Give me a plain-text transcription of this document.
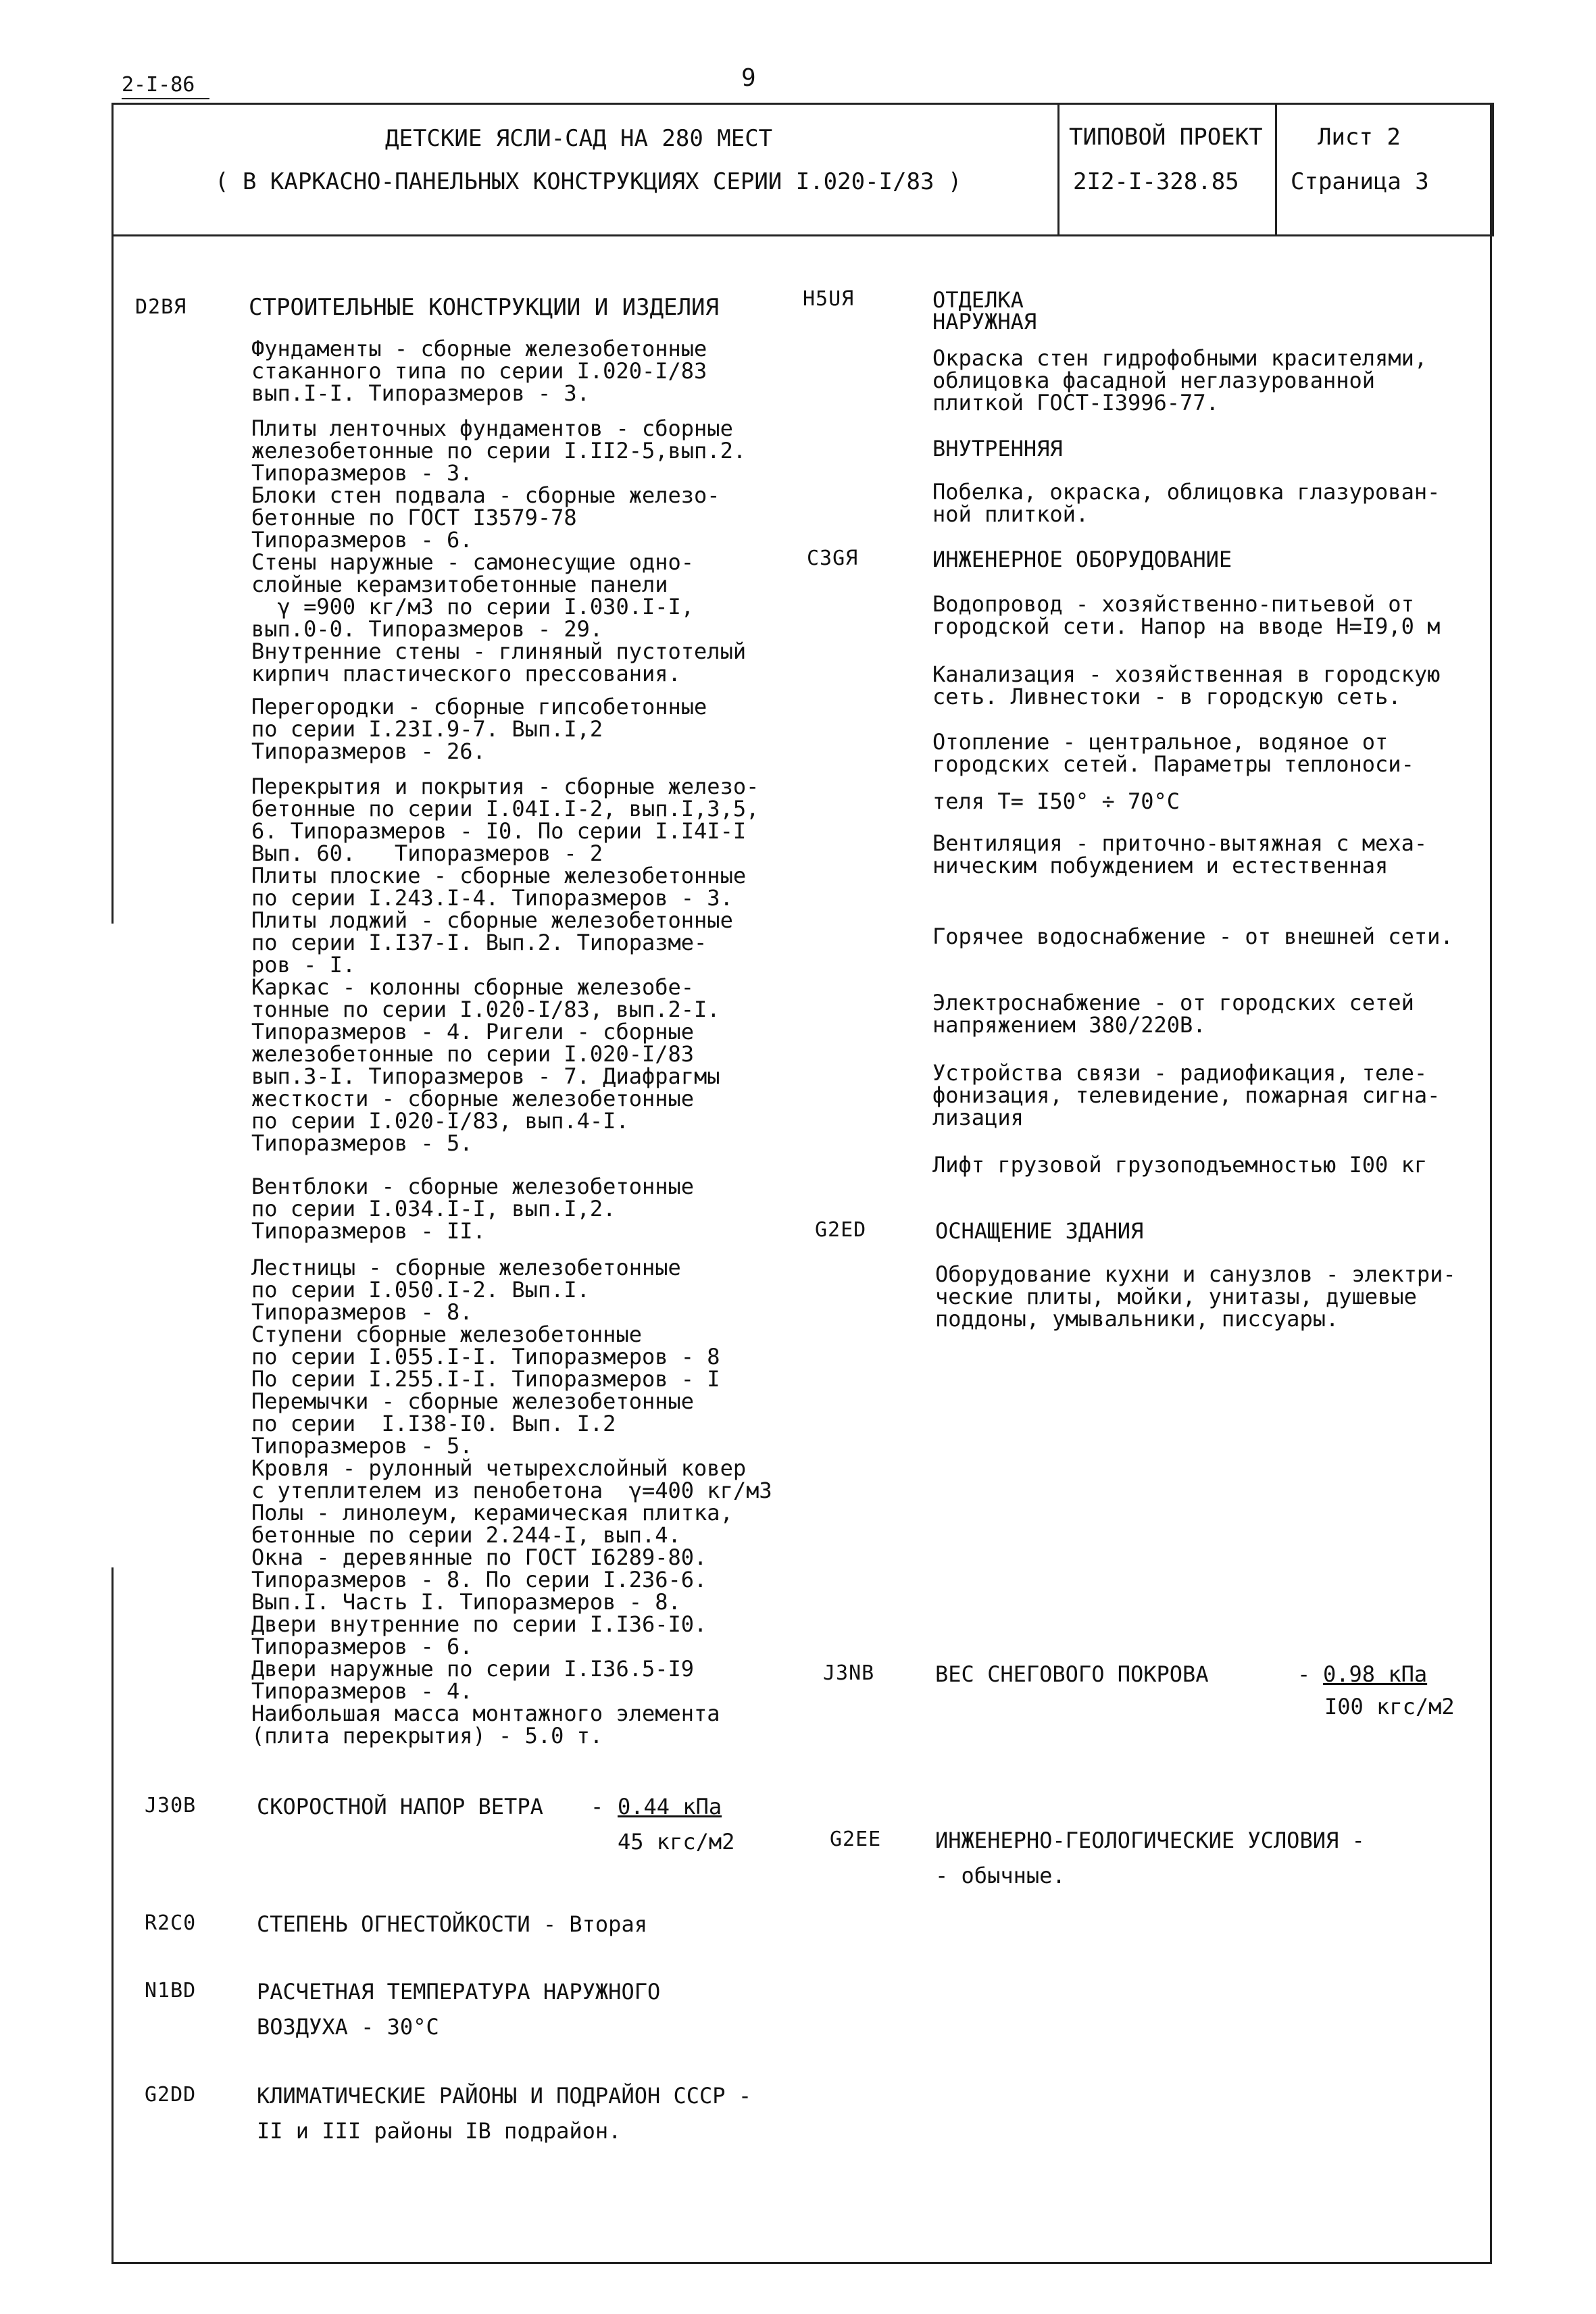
2-I-86	9
ДЕТСКИЕ ЯСЛИ-САД НА 280 МЕСТ
( В КАРКАСНО-ПАНЕЛЬНЫХ КОНСТРУКЦИЯХ СЕРИИ I.020-I/83 )
ТИПОВОЙ ПРОЕКТ
2I2-I-328.85
Лист 2
Страница 3
D2BЯ	СТРОИТЕЛЬНЫЕ КОНСТРУКЦИИ И ИЗДЕЛИЯ
Фундаменты - сборные железобетонные
стаканного типа по серии I.020-I/83
вып.I-I. Типоразмеров - 3.
Плиты ленточных фундаментов - сборные
железобетонные по серии I.II2-5,вып.2.
Типоразмеров - 3.
Блоки стен подвала - сборные железо-
бетонные по ГОСТ I3579-78
Типоразмеров - 6.
Стены наружные - самонесущие одно-
слойные керамзитобетонные панели
γ =900 кг/м3 по серии I.030.I-I,
вып.0-0. Типоразмеров - 29.
Внутренние стены - глиняный пустотелый
кирпич пластического прессования.
Перегородки - сборные гипсобетонные
по серии I.23I.9-7. Вып.I,2
Типоразмеров - 26.
Перекрытия и покрытия - сборные железо-
бетонные по серии I.04I.I-2, вып.I,3,5,
6. Типоразмеров - I0. По серии I.I4I-I
Вып. 60.   Типоразмеров - 2
Плиты плоские - сборные железобетонные
по серии I.243.I-4. Типоразмеров - 3.
Плиты лоджий - сборные железобетонные
по серии I.I37-I. Вып.2. Типоразме-
ров - I.
Каркас - колонны сборные железобе-
тонные по серии I.020-I/83, вып.2-I.
Типоразмеров - 4. Ригели - сборные
железобетонные по серии I.020-I/83
вып.3-I. Типоразмеров - 7. Диафрагмы
жесткости - сборные железобетонные
по серии I.020-I/83, вып.4-I.
Типоразмеров - 5.
Вентблоки - сборные железобетонные
по серии I.034.I-I, вып.I,2.
Типоразмеров - II.
Лестницы - сборные железобетонные
по серии I.050.I-2. Вып.I.
Типоразмеров - 8.
Ступени сборные железобетонные
по серии I.055.I-I. Типоразмеров - 8
По серии I.255.I-I. Типоразмеров - I
Перемычки - сборные железобетонные
по серии  I.I38-I0. Вып. I.2
Типоразмеров - 5.
Кровля - рулонный четырехслойный ковер
с утеплителем из пенобетона  γ=400 кг/м3
Полы - линолеум, керамическая плитка,
бетонные по серии 2.244-I, вып.4.
Окна - деревянные по ГОСТ I6289-80.
Типоразмеров - 8. По серии I.236-6.
Вып.I. Часть I. Типоразмеров - 8.
Двери внутренние по серии I.I36-I0.
Типоразмеров - 6.
Двери наружные по серии I.I36.5-I9
Типоразмеров - 4.
Наибольшая масса монтажного элемента
(плита перекрытия) - 5.0 т.
Н5UЯ	ОТДЕЛКА
НАРУЖНАЯ
Окраска стен гидрофобными красителями,
облицовка фасадной неглазурованной
плиткой ГОСТ-I3996-77.
ВНУТРЕННЯЯ
Побелка, окраска, облицовка глазурован-
ной плиткой.
С3GЯ	ИНЖЕНЕРНОЕ ОБОРУДОВАНИЕ
Водопровод - хозяйственно-питьевой от
городской сети. Напор на вводе Н=I9,0 м
Канализация - хозяйственная в городскую
сеть. Ливнестоки - в городскую сеть.
Отопление - центральное, водяное от
городских сетей. Параметры теплоноси-
теля Т= I50° ÷ 70°С
Вентиляция - приточно-вытяжная с меха-
ническим побуждением и естественная
Горячее водоснабжение - от внешней сети.
Электроснабжение - от городских сетей
напряжением 380/220В.
Устройства связи - радиофикация, теле-
фонизация, телевидение, пожарная сигна-
лизация
Лифт грузовой грузоподъемностью I00 кг
G2ED	ОСНАЩЕНИЕ ЗДАНИЯ
Оборудование кухни и санузлов - электри-
ческие плиты, мойки, унитазы, душевые
поддоны, умывальники, писсуары.
J3NB	ВЕС СНЕГОВОГО ПОКРОВА	- 0.98 кПа
I00 кгс/м2
G2EE ИНЖЕНЕРНО-ГЕОЛОГИЧЕСКИЕ УСЛОВИЯ -
- обычные.
J30B	СКОРОСТНОЙ НАПОР ВЕТРА - 0.44 кПа
45 кгс/м2
R2C0	СТЕПЕНЬ ОГНЕСТОЙКОСТИ - Вторая
N1BD	РАСЧЕТНАЯ ТЕМПЕРАТУРА НАРУЖНОГО
ВОЗДУХА - 30°С
G2DD	КЛИМАТИЧЕСКИЕ РАЙОНЫ И ПОДРАЙОН СССР -
II и III районы IВ подрайон.
